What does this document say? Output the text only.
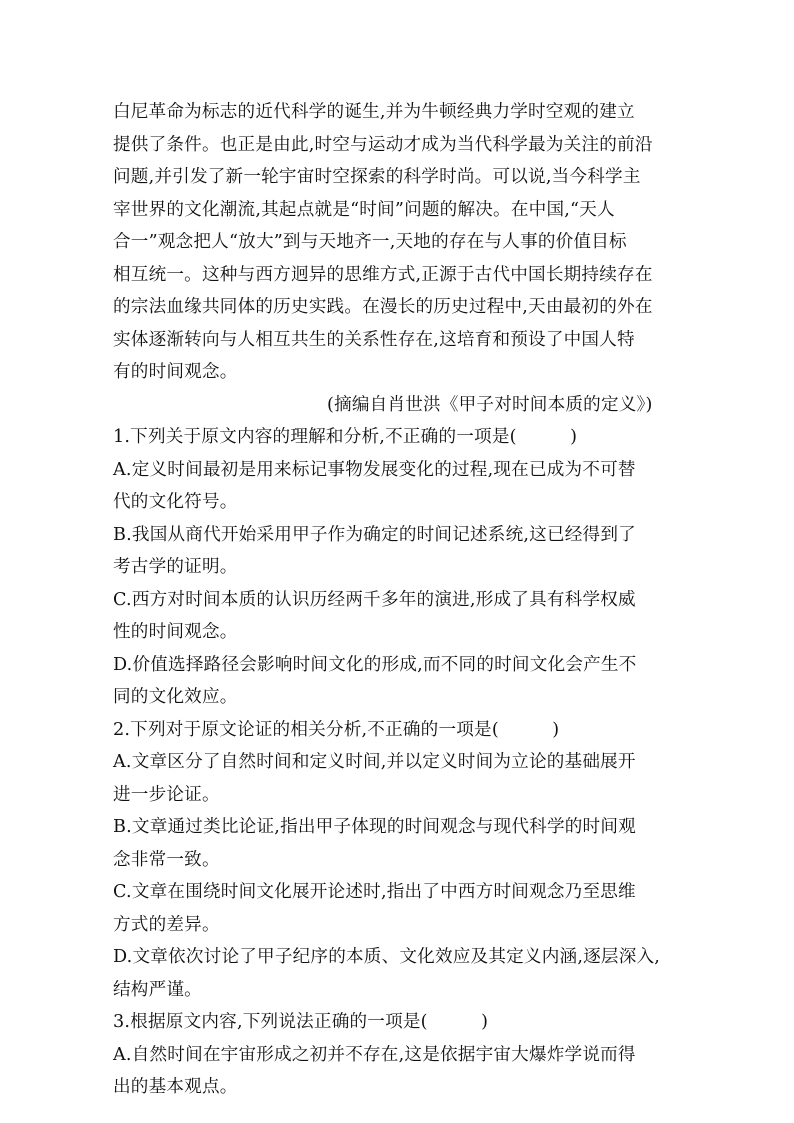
白尼革命为标志的近代科学的诞生,并为牛顿经典力学时空观的建立
提供了条件。也正是由此,时空与运动才成为当代科学最为关注的前沿
问题,并引发了新一轮宇宙时空探索的科学时尚。可以说,当今科学主
宰世界的文化潮流,其起点就是“时间”问题的解决。在中国,“天人
合一”观念把人“放大”到与天地齐一,天地的存在与人事的价值目标
相互统一。这种与西方迥异的思维方式,正源于古代中国长期持续存在
的宗法血缘共同体的历史实践。在漫长的历史过程中,天由最初的外在
实体逐渐转向与人相互共生的关系性存在,这培育和预设了中国人特
有的时间观念。
(摘编自肖世洪《甲子对时间本质的定义》)
1.下列关于原文内容的理解和分析,不正确的一项是(　　　)
A.定义时间最初是用来标记事物发展变化的过程,现在已成为不可替
代的文化符号。
B.我国从商代开始采用甲子作为确定的时间记述系统,这已经得到了
考古学的证明。
C.西方对时间本质的认识历经两千多年的演进,形成了具有科学权威
性的时间观念。
D.价值选择路径会影响时间文化的形成,而不同的时间文化会产生不
同的文化效应。
2.下列对于原文论证的相关分析,不正确的一项是(　　　)
A.文章区分了自然时间和定义时间,并以定义时间为立论的基础展开
进一步论证。
B.文章通过类比论证,指出甲子体现的时间观念与现代科学的时间观
念非常一致。
C.文章在围绕时间文化展开论述时,指出了中西方时间观念乃至思维
方式的差异。
D.文章依次讨论了甲子纪序的本质、文化效应及其定义内涵,逐层深入,
结构严谨。
3.根据原文内容,下列说法正确的一项是(　　　)
A.自然时间在宇宙形成之初并不存在,这是依据宇宙大爆炸学说而得
出的基本观点。
